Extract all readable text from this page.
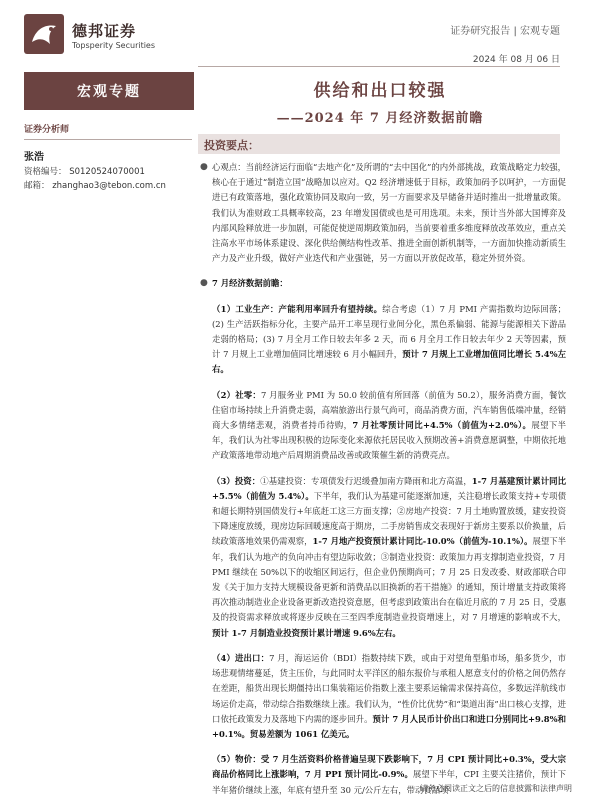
德邦证券
Topsperity Securities
证券研究报告 | 宏观专题
2024 年 08 月 06 日
宏观专题	供给和出口较强
——2024 年 7 月经济数据前瞻
证券分析师
张浩
资格编号： S0120524070001
邮箱： zhanghao3@tebon.com.cn
投资要点：
● 心观点：当前经济运行面临“去地产化”及所谓的“去中国化”的内外部挑战，政策战略定力较强，核心在于通过“制造立国”战略加以应对。Q2 经济增速低于目标，政策加码予以呵护，一方面促进已有政策落地，强化政策协同及取向一致，另一方面要求及早储备并适时推出一批增量政策。我们认为准财政工具概率较高，23 年增发国债或也是可用选项。未来，预计当外部大国博弈及内部风险释放进一步加剧，可能促使逆周期政策加码，当前要着重多维度释放改革效应，重点关注高水平市场体系建设、深化供给侧结构性改革、推进全面创新机制等，一方面加快推动新质生产力及产业升级，做好产业迭代和产业强链，另一方面以开放促改革，稳定外贸外资。

● 7 月经济数据前瞻：

（1）工业生产：产能利用率回升有望持续。综合考虑（1）7 月 PMI 产需指数均边际回落；(2) 生产活跃指标分化，主要产品开工率呈现行业间分化，黑色系偏弱、能源与能源相关下游品走弱的格局；(3) 7 月全月工作日较去年多 2 天，而 6 月全月工作日较去年少 2 天等因素，预计 7 月规上工业增加值同比增速较 6 月小幅回升，预计 7 月规上工业增加值同比增长 5.4%左右。

（2）社零：7 月服务业 PMI 为 50.0 较前值有所回落（前值为 50.2），服务消费方面，餐饮住宿市场持续上升消费走弱，高端旅游出行景气尚可，商品消费方面，汽车销售低端冲量，经销商大多情绪悲观，消费者持币待购，7 月社零预计同比+4.5%（前值为+2.0%）。展望下半年，我们认为社零出现积极的边际变化来源依托居民收入预期改善+消费意愿调整，中期依托地产政策落地带动地产后周期消费品改善或政策催生新的消费亮点。

（3）投资：①基建投资：专项债发行迟缓叠加南方降雨和北方高温，1-7 月基建预计累计同比+5.5%（前值为 5.4%）。下半年，我们认为基建可能逐渐加速，关注稳增长政策支持+专项债和超长期特别国债发行+年底赶工这三方面支撑；②房地产投资：7 月土地购置放缓，建安投资下降速度放缓，现房边际回暖速度高于期房，二手房销售成交表现好于新房主要系以价换量，后续政策落地效果仍需观察，1-7 月地产投资预计累计同比-10.0%（前值为-10.1%）。展望下半年，我们认为地产的负向冲击有望边际收敛；③制造业投资：政策加力再支撑制造业投资，7 月 PMI 继续在 50%以下的收缩区间运行，但企业仍预期尚可；7 月 25 日发改委、财政部联合印发《关于加力支持大规模设备更新和消费品以旧换新的若干措施》的通知，预计增量支持政策将再次推动制造业企业设备更新改造投资意愿，但考虑到政策出台在临近月底的 7 月 25 日，受惠及的投资需求释放或将逐步反映在三至四季度制造业投资增速上，对 7 月增速的影响或不大，预计 1-7 月制造业投资预计累计增速 9.6%左右。

（4）进出口：7 月，海运运价（BDI）指数持续下跌，或由于对望角型船市场，船多货少，市场悲观情绪蔓延，货主压价，与此同时太平洋区的船东报价与承租人愿意支付的价格之间仍然存在差距，船货出现长期僵持出口集装箱运价指数上涨主要系运输需求保持高位，多数远洋航线市场运价走高，带动综合指数继续上涨。我们认为，“性价比优势”和“渠道出海”出口核心支撑，进口依托政策发力及落地下内需的逐步回升。预计 7 月人民币计价出口和进口分别同比+9.8%和+0.1%。贸易差额为 1061 亿美元。

（5）物价：受 7 月生活资料价格普遍呈现下跌影响下，7 月 CPI 预计同比+0.3%，受大宗商品价格同比上涨影响，7 月 PPI 预计同比-0.9%。展望下半年，CPI 主要关注猪价，预计下半年猪价继续上涨，年底有望升至 30 元/公斤左右，带动食品项

请务必阅读正文之后的信息披露和法律声明
